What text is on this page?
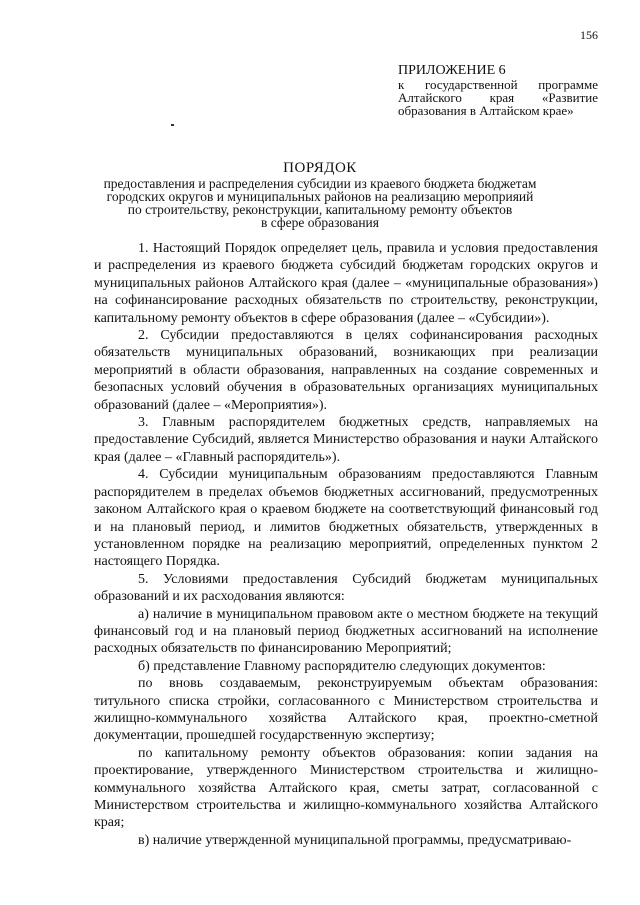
156
ПРИЛОЖЕНИЕ 6
к государственной программе
Алтайского края «Развитие
образования в Алтайском крае»
ПОРЯДОК
предоставления и распределения субсидии из краевого бюджета бюджетам
городских округов и муниципальных районов на реализацию мероприяий
по строительству, реконструкции, капитальному ремонту объектов
в сфере образования

1. Настоящий Порядок определяет цель, правила и условия предоставления и распределения из краевого бюджета субсидий бюджетам городских округов и муниципальных районов Алтайского края (далее – «муниципальные образования») на софинансирование расходных обязательств по строительству, реконструкции, капитальному ремонту объектов в сфере образования (далее – «Субсидии»).

2. Субсидии предоставляются в целях софинансирования расходных обязательств муниципальных образований, возникающих при реализации мероприятий в области образования, направленных на создание современных и безопасных условий обучения в образовательных организациях муниципальных образований (далее – «Мероприятия»).

3. Главным распорядителем бюджетных средств, направляемых на предоставление Субсидий, является Министерство образования и науки Алтайского края (далее – «Главный распорядитель»).

4. Субсидии муниципальным образованиям предоставляются Главным распорядителем в пределах объемов бюджетных ассигнований, предусмотренных законом Алтайского края о краевом бюджете на соответствующий финансовый год и на плановый период, и лимитов бюджетных обязательств, утвержденных в установленном порядке на реализацию мероприятий, определенных пунктом 2 настоящего Порядка.

5. Условиями предоставления Субсидий бюджетам муниципальных образований и их расходования являются:

а) наличие в муниципальном правовом акте о местном бюджете на текущий финансовый год и на плановый период бюджетных ассигнований на исполнение расходных обязательств по финансированию Мероприятий;

б) представление Главному распорядителю следующих документов:

по вновь создаваемым, реконструируемым объектам образования: титульного списка стройки, согласованного с Министерством строительства и жилищно-коммунального хозяйства Алтайского края, проектно-сметной документации, прошедшей государственную экспертизу;

по капитальному ремонту объектов образования: копии задания на проектирование, утвержденного Министерством строительства и жилищно-коммунального хозяйства Алтайского края, сметы затрат, согласованной с Министерством строительства и жилищно-коммунального хозяйства Алтайского края;

в) наличие утвержденной муниципальной программы, предусматриваю-
